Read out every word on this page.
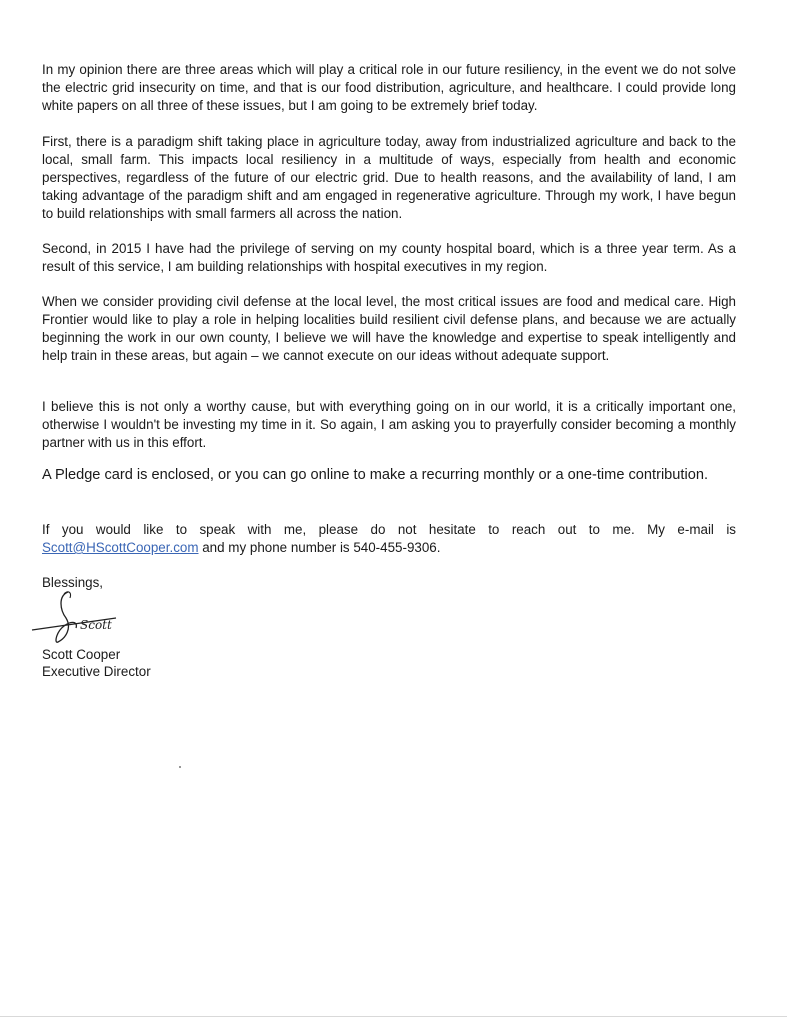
In my opinion there are three areas which will play a critical role in our future resiliency, in the event we do not solve the electric grid insecurity on time, and that is our food distribution, agriculture, and healthcare. I could provide long white papers on all three of these issues, but I am going to be extremely brief today.

First, there is a paradigm shift taking place in agriculture today, away from industrialized agriculture and back to the local, small farm. This impacts local resiliency in a multitude of ways, especially from health and economic perspectives, regardless of the future of our electric grid. Due to health reasons, and the availability of land, I am taking advantage of the paradigm shift and am engaged in regenerative agriculture. Through my work, I have begun to build relationships with small farmers all across the nation.

Second, in 2015 I have had the privilege of serving on my county hospital board, which is a three year term. As a result of this service, I am building relationships with hospital executives in my region.

When we consider providing civil defense at the local level, the most critical issues are food and medical care. High Frontier would like to play a role in helping localities build resilient civil defense plans, and because we are actually beginning the work in our own county, I believe we will have the knowledge and expertise to speak intelligently and help train in these areas, but again – we cannot execute on our ideas without adequate support.

I believe this is not only a worthy cause, but with everything going on in our world, it is a critically important one, otherwise I wouldn't be investing my time in it. So again, I am asking you to prayerfully consider becoming a monthly partner with us in this effort.

A Pledge card is enclosed, or you can go online to make a recurring monthly or a one-time contribution.

If you would like to speak with me, please do not hesitate to reach out to me. My e-mail is
Scott@HScottCooper.com and my phone number is 540-455-9306.

Blessings,
Scott
Scott Cooper
Executive Director
